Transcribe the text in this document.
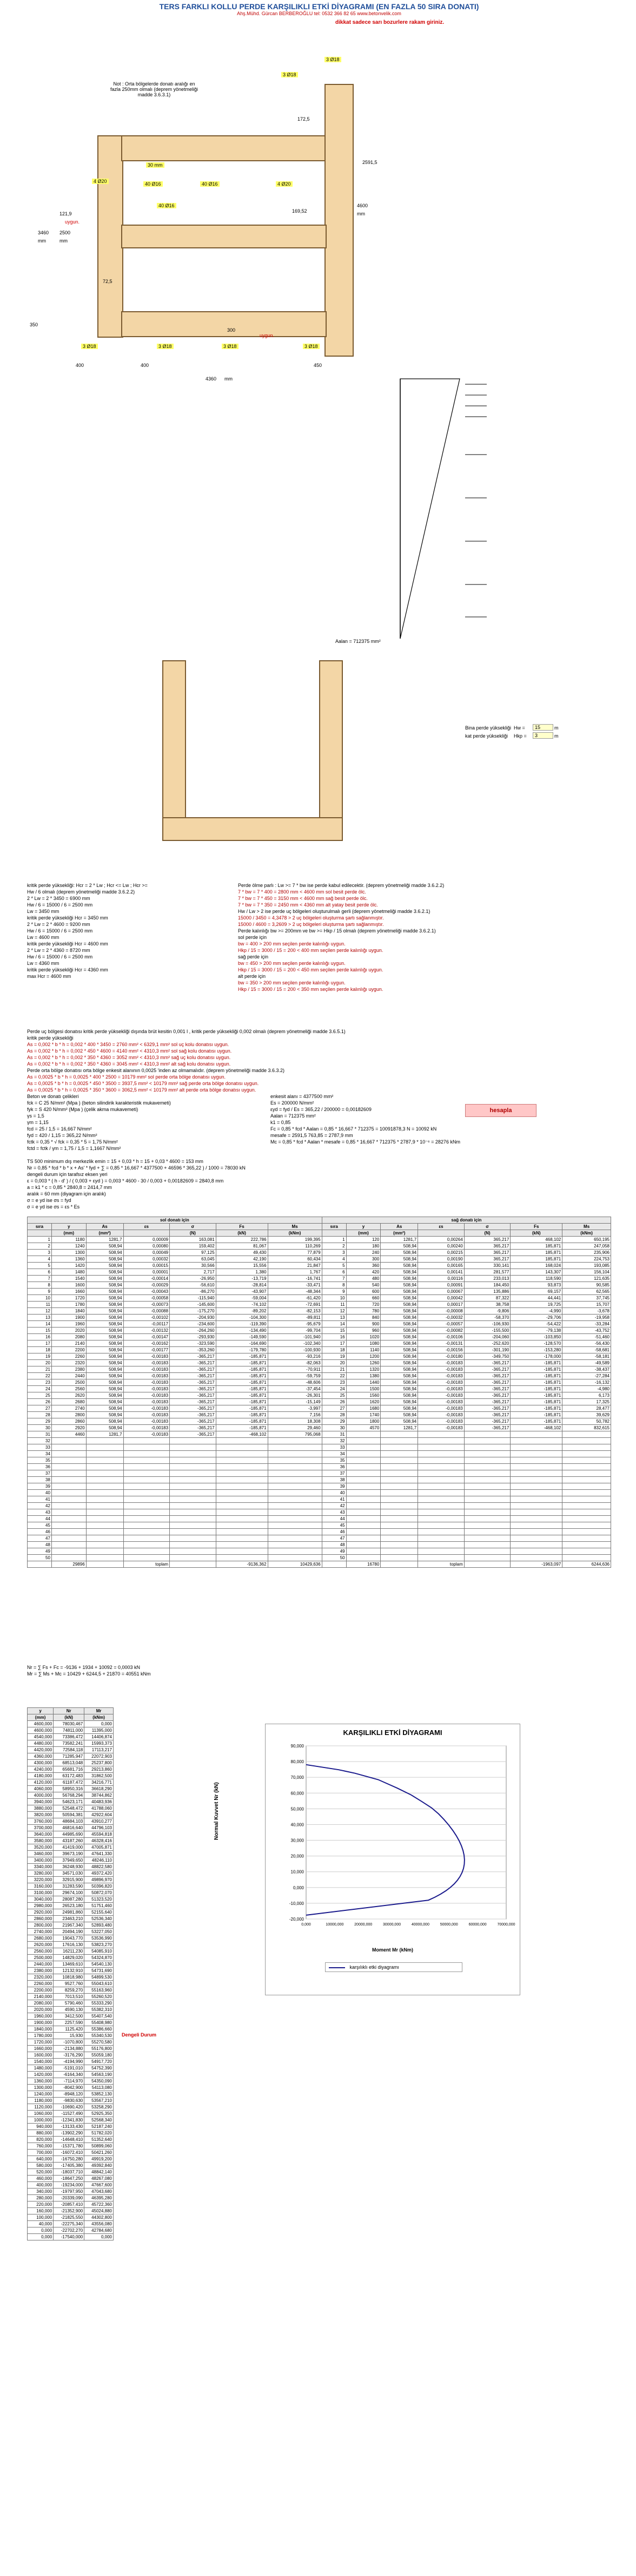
TERS FARKLI KOLLU PERDE KARŞILIKLI ETKİ DİYAGRAMI (EN FAZLA 50 SIRA DONATI)
Ahş.Mühd. Gürcan BERBEROĞLU tel: 0532 366 82 65 www.betonvelik.com
dikkat sadece sarı bozurlere rakam giriniz.
Not : Orta bölgelerde donatı aralığı en fazla 250mm olmalı (deprem yönetmeliği madde 3.6.3.1)
3 Ø18
3 Ø18
30 mm
4 Ø20	4 Ø20
40 Ø16	40 Ø16
40 Ø16
3 Ø18	3 Ø18	3 Ø18	3 Ø18
4360 mm
3460
mm
2500
mm
2591,5
4600
mm
172,5
72,5
121,9	169,52
400
400	450
300
350
uygun.
uygun.
Bina perde yüksekliği Hw =	15	m
kat perde yüksekliği Hkp =	3	m
Aalan = 712375 mm²
kritik perde yüksekliği: Hcr = 2 * Lw ; Hcr <= Lw ; Hcr >=
Hw / 6 olmalı (deprem yönetmeliği madde 3.6.2.2)
2 * Lw = 2 * 3450 = 6900 mm
Hw / 6 = 15000 / 6 = 2500 mm
Lw = 3450 mm
kritik perde yüksekliği Hcr = 3450 mm
2 * Lw = 2 * 4600 = 9200 mm
Hw / 6 = 15000 / 6 = 2500 mm
Lw = 4600 mm
kritik perde yüksekliği Hcr = 4600 mm
2 * Lw = 2 * 4360 = 8720 mm
Hw / 6 = 15000 / 6 = 2500 mm
Lw = 4360 mm
kritik perde yüksekliği Hcr = 4360 mm
max Hcr = 4600 mm
Perde ölme parlı : Lw >= 7 * bw ise perde kabul edilecektir. (deprem yönetmeliği madde 3.6.2.2)
7 * bw = 7 * 400 = 2800 mm < 4600 mm sol besit perde ölc.
7 * bw = 7 * 450 = 3150 mm < 4600 mm sağ besit perde ölc.
7 * bw = 7 * 350 = 2450 mm < 4360 mm alt yatay besit perde ölc.
Hw / Lw > 2 ise perde uç bölgeleri oluşturulmalı gerli (deprem yönetmeliği madde 3.6.2.1)
15000 / 3450 = 4,3478 > 2 uç bölgeleri oluşturma şartı sağlanmıştır.
15000 / 4600 = 3,2609 > 2 uç bölgeleri oluşturma şartı sağlanmıştır.
Perde kalınlığı bw >= 200mm ve bw >= Hkp / 15 olmalı (deprem yönetmeliği madde 3.6.2.1)
sol perde için
bw = 400 > 200 mm seçilen perde kalınlığı uygun.
Hkp / 15 = 3000 / 15 = 200 < 400 mm seçilen perde kalınlığı uygun.
sağ perde için
bw = 450 > 200 mm seçilen perde kalınlığı uygun.
Hkp / 15 = 3000 / 15 = 200 < 450 mm seçilen perde kalınlığı uygun.
alt perde için
bw = 350 > 200 mm seçilen perde kalınlığı uygun.
Hkp / 15 = 3000 / 15 = 200 < 350 mm seçilen perde kalınlığı uygun.
Perde uç bölgesi donatısı kritik perde yüksekliği dışında brüt kesitin 0,001 l , kritik perde yüksekliği 0,002 olmalı (deprem yönetmeliği madde 3.6.5.1)
kritik perde yüksekliği
As = 0,002 * b * h = 0,002 * 400 * 3450 = 2760 mm² < 6329,1 mm² sol uç kolu donatısı uygun.
As = 0,002 * b * h = 0,002 * 450 * 4600 = 4140 mm² < 4310,3 mm² sol sağ kolu donatısı uygun.
As = 0,002 * b * h = 0,002 * 350 * 4360 = 3052 mm² < 4310,3 mm² sağ uç kolu donatısı uygun.
As = 0,002 * b * h = 0,002 * 350 * 4360 = 3045 mm² < 4310,3 mm² alt sağ kolu donatısı uygun.
Perde orta bölge donatısı orta bölge enkesit alanının 0,0025 'inden az olmamalıdır. (deprem yönetmeliği madde 3.6.3.2)
As = 0,0025 * b * h = 0,0025 * 400 * 2500 = 10179 mm² sol perde orta bölge donatısı uygun.
As = 0,0025 * b * h = 0,0025 * 450 * 3500 = 3937,5 mm² < 10179 mm² sağ perde orta bölge donatısı uygun.
As = 0,0025 * b * h = 0,0025 * 350 * 3600 = 3062,5 mm² < 10179 mm² alt perde orta bölge donatısı uygun.
Beton ve donatı çelikleri
fck = C 25 N/mm² (Mpa ) (beton silindirik karakteristik mukavemeti)
fyk = S 420 N/mm² (Mpa ) (çelik akma mukavemeti)
γs = 1,5
γm = 1,15
fcd = 25 / 1,5 = 16,667 N/mm²
fyd = 420 / 1,15 = 365,22 N/mm²
fctk = 0,35 * √ fck = 0,35 * 5 = 1,75 N/mm²
fctd = fctk / γm = 1,75 / 1,5 = 1,1667 N/mm²
enkesit alanı = 4377500 mm²
Es = 200000 N/mm²
εyd = fyd / Es = 365,22 / 200000 = 0,00182609
Aalan = 712375 mm²
k1 = 0,85
Fc = 0,85 * fcd * Aalan = 0,85 * 16,667 * 712375 = 10091878,3 N = 10092 kN
mesafe = 2591,5 763,85 = 2787,9 mm
Mc = 0,85 * fcd * Aalan * mesafe = 0,85 * 16,667 * 712375 * 2787,9 * 10⁻⁶ = 28276 kNm
hesapla
TS 500 minimum dış merkezlik emin = 15 + 0,03 * h = 15 + 0,03 * 4600 = 153 mm
Nr = 0,85 * fcd * b * x + As' * fyd + ∑ = 0,85 * 16,667 * 4377500 + 46596 * 365,22 ) / 1000 = 78030 kN
dengeli durum için tarafsız eksen yeri
ε = 0,003 * ( h - d' ) / ( 0,003 + εyd ) = 0,003 * 4600 - 30 / 0,003 + 0,00182609 = 2840,8 mm
a = k1 * c = 0,85 * 2840,8 = 2414,7 mm
aralık = 60 mm (diyagram için aralık)
σ = e yd ise σs = fyd
σ = e yd ise σs = εs * Es
sol donatı için							sağ donatı için						
sıra	y	As	εs	σ	Fs	Ms	sıra	y	As	εs	σ	Fs	Ms
	(mm)	(mm²)		(N)	(kN)	(kNm)		(mm)	(mm²)		(N)	(kN)	(kNm)
1	1180	1281,7	0,00009	163,081	222,786	199,395	1	120	1281,7	0,00264	365,217	468,102	650,195
2	1240	508,94	0,00080	159,402	81,067	110,269	2	180	508,94	0,00240	365,217	185,871	247,058
3	1300	508,94	0,00049	97,125	49,430	77,879	3	240	508,94	0,00215	365,217	185,871	235,906
4	1360	508,94	0,00032	63,045	42,190	60,434	4	300	508,94	0,00190	365,217	185,871	224,753
5	1420	508,94	0,00015	30,566	15,556	21,847	5	360	508,94	0,00165	330,141	168,024	193,085
6	1480	508,94	0,00001	2,717	1,380	1,767	6	420	508,94	0,00141	281,577	143,307	156,104
7	1540	508,94	-0,00014	-26,950	-13,719	-16,741	7	480	508,94	0,00116	233,013	118,590	121,635
8	1600	508,94	-0,00029	-56,610	-28,814	-33,471	8	540	508,94	0,00091	184,450	93,873	90,585
9	1660	508,94	-0,00043	-86,270	-43,907	-48,344	9	600	508,94	0,00067	135,886	69,157	62,565
10	1720	508,94	-0,00058	-115,940	-59,004	-61,420	10	660	508,94	0,00042	87,322	44,441	37,745
11	1780	508,94	-0,00073	-145,600	-74,102	-72,691	11	720	508,94	0,00017	38,758	19,725	15,707
12	1840	508,94	-0,00088	-175,270	-89,202	-82,153	12	780	508,94	-0,00008	-9,806	-4,990	-3,678
13	1900	508,94	-0,00102	-204,930	-104,300	-89,811	13	840	508,94	-0,00032	-58,370	-29,706	-19,958
14	1960	508,94	-0,00117	-234,600	-119,390	-95,679	14	900	508,94	-0,00057	-106,930	-54,422	-33,284
15	2020	508,94	-0,00132	-264,260	-134,490	-99,704	15	960	508,94	-0,00082	-155,500	-79,138	-43,752
16	2080	508,94	-0,00147	-293,930	-149,590	-101,940	16	1020	508,94	-0,00106	-204,060	-103,850	-51,460
17	2140	508,94	-0,00162	-323,590	-164,690	-102,340	17	1080	508,94	-0,00131	-252,620	-128,570	-56,430
18	2200	508,94	-0,00177	-353,260	-179,780	-100,930	18	1140	508,94	-0,00156	-301,190	-153,280	-58,681
19	2260	508,94	-0,00183	-365,217	-185,871	-93,216	19	1200	508,94	-0,00180	-349,750	-178,000	-58,181
20	2320	508,94	-0,00183	-365,217	-185,871	-82,063	20	1260	508,94	-0,00183	-365,217	-185,871	-49,589
21	2380	508,94	-0,00183	-365,217	-185,871	-70,911	21	1320	508,94	-0,00183	-365,217	-185,871	-38,437
22	2440	508,94	-0,00183	-365,217	-185,871	-59,759	22	1380	508,94	-0,00183	-365,217	-185,871	-27,284
23	2500	508,94	-0,00183	-365,217	-185,871	-48,606	23	1440	508,94	-0,00183	-365,217	-185,871	-16,132
24	2560	508,94	-0,00183	-365,217	-185,871	-37,454	24	1500	508,94	-0,00183	-365,217	-185,871	-4,980
25	2620	508,94	-0,00183	-365,217	-185,871	-26,301	25	1560	508,94	-0,00183	-365,217	-185,871	6,173
26	2680	508,94	-0,00183	-365,217	-185,871	-15,149	26	1620	508,94	-0,00183	-365,217	-185,871	17,325
27	2740	508,94	-0,00183	-365,217	-185,871	-3,997	27	1680	508,94	-0,00183	-365,217	-185,871	28,477
28	2800	508,94	-0,00183	-365,217	-185,871	7,156	28	1740	508,94	-0,00183	-365,217	-185,871	39,629
29	2860	508,94	-0,00183	-365,217	-185,871	18,308	29	1800	508,94	-0,00183	-365,217	-185,871	50,782
30	2920	508,94	-0,00183	-365,217	-185,871	29,460	30	4570	1281,7	-0,00183	-365,217	-468,102	832,615
31	4460	1281,7	-0,00183	-365,217	-468,102	795,068	31						
32							32						
33							33						
34							34						
35							35						
36							36						
37							37						
38							38						
39							39						
40							40						
41							41						
42							42						
43							43						
44							44						
45							45						
46							46						
47							47						
48							48						
49							49						
50							50						
	29896		toplam		-9136,362	10429,636		16780		toplam		-1963,097	6244,636
Nr = ∑ Fs + Fc = -9136 + 1934 + 10092 = 0,0003 kN
Mr = ∑ Ms + Mc = 10429 + 6244,5 + 21870 = 40551 kNm
y	Nr	Mr
(mm)	(kN)	(kNm)
4600,000	78030,467	0,000
4600,000	74811,000	11395,000
4540,000	73386,472	14406,874
4480,000	73582,241	15993,373
4420,000	72584,118	17113,217
4360,000	71285,947	22072,903
4300,000	68513,048	25237,800
4240,000	65681,716	29213,860
4180,000	63172,483	31862,500
4120,000	61187,472	34216,771
4060,000	58950,316	36618,290
4000,000	56768,294	38744,862
3940,000	54623,171	40483,936
3880,000	52548,472	41788,060
3820,000	50594,381	42922,604
3760,000	48684,103	43910,277
3700,000	46816,640	44796,103
3640,000	44985,690	45594,818
3580,000	43187,260	46328,416
3520,000	41419,000	47005,871
3460,000	39673,190	47641,330
3400,000	37949,650	48246,110
3340,000	36248,930	48822,580
3280,000	34571,030	49372,420
3220,000	32915,900	49896,970
3160,000	31283,590	50396,820
3100,000	29674,100	50872,070
3040,000	28087,280	51323,520
2980,000	26523,180	51751,460
2920,000	24981,860	52155,640
2860,000	23463,210	52536,340
2800,000	21967,340	52893,480
2740,000	20494,190	53227,050
2680,000	19043,770	53536,990
2620,000	17616,130	53823,270
2560,000	16211,230	54085,910
2500,000	14829,020	54324,870
2440,000	13469,610	54540,130
2380,000	12132,910	54731,690
2320,000	10818,980	54899,530
2260,000	9527,760	55043,610
2200,000	8259,270	55163,960
2140,000	7013,510	55260,520
2080,000	5790,460	55333,290
2020,000	4590,130	55382,310
1960,000	3412,500	55407,540
1900,000	2257,590	55408,980
1840,000	1125,420	55386,660
1780,000	15,930	55340,530
1720,000	-1070,800	55270,580
1660,000	-2134,880	55176,800
1600,000	-3176,290	55059,180
1540,000	-4194,990	54917,720
1480,000	-5191,010	54752,390
1420,000	-6164,340	54563,190
1360,000	-7114,970	54350,090
1300,000	-8042,900	54113,080
1240,000	-8948,120	53852,130
1180,000	-9830,630	53567,210
1120,000	-10690,420	53258,290
1060,000	-11527,490	52925,350
1000,000	-12341,830	52568,340
940,000	-13133,430	52187,240
880,000	-13902,290	51782,020
820,000	-14648,410	51352,640
760,000	-15371,780	50899,060
700,000	-16072,410	50421,260
640,000	-16750,280	49919,200
580,000	-17405,380	49392,840
520,000	-18037,710	48842,140
460,000	-18647,250	48267,080
400,000	-19234,000	47667,600
340,000	-19797,950	47043,680
280,000	-20339,090	46395,280
220,000	-20857,410	45722,360
160,000	-21352,900	45024,880
100,000	-21825,550	44302,800
40,000	-22275,340	43556,080
0,000	-22702,270	42784,680
0,000	-17540,000	0,000
Dengeli Durum
KARŞILIKLI ETKİ DİYAGRAMI
90,000
80,000
70,000
60,000
50,000
40,000
30,000
20,000
10,000
0,000
-10,000
-20,000
0,000	10000,000	20000,000	30000,000	40000,000	50000,000	60000,000	70000,000
Moment Mr (kNm)
karşılıklı etki diyagramı
Normal Kuvvet Nr (kN)
